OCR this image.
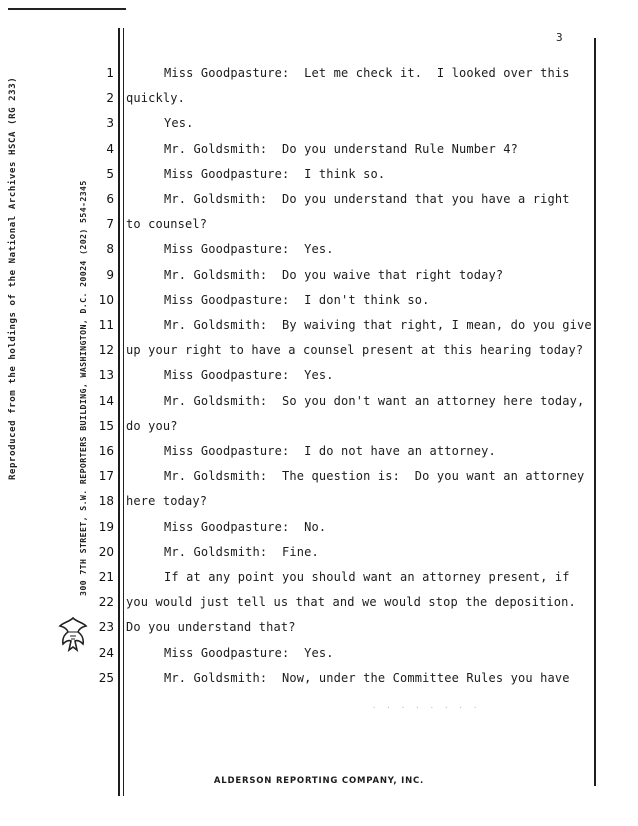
3
Reproduced from the holdings of the National Archives HSCA (RG 233)	300 7TH STREET, S.W. REPORTERS BUILDING, WASHINGTON, D.C. 20024 (202) 554-2345
1	Miss Goodpasture:  Let me check it.  I looked over this
2 quickly.
3	Yes.
4	Mr. Goldsmith:  Do you understand Rule Number 4?
5	Miss Goodpasture:  I think so.
6	Mr. Goldsmith:  Do you understand that you have a right
7 to counsel?
8	Miss Goodpasture:  Yes.
9	Mr. Goldsmith:  Do you waive that right today?
10	Miss Goodpasture:  I don't think so.
11	Mr. Goldsmith:  By waiving that right, I mean, do you give
12 up your right to have a counsel present at this hearing today?
13	Miss Goodpasture:  Yes.
14	Mr. Goldsmith:  So you don't want an attorney here today,
15 do you?
16	Miss Goodpasture:  I do not have an attorney.
17	Mr. Goldsmith:  The question is:  Do you want an attorney
18 here today?
19	Miss Goodpasture:  No.
20	Mr. Goldsmith:  Fine.
21	If at any point you should want an attorney present, if
22 you would just tell us that and we would stop the deposition.
23 Do you understand that?
24	Miss Goodpasture:  Yes.
25	Mr. Goldsmith:  Now, under the Committee Rules you have
· · · · · · · ·
ALDERSON REPORTING COMPANY, INC.
